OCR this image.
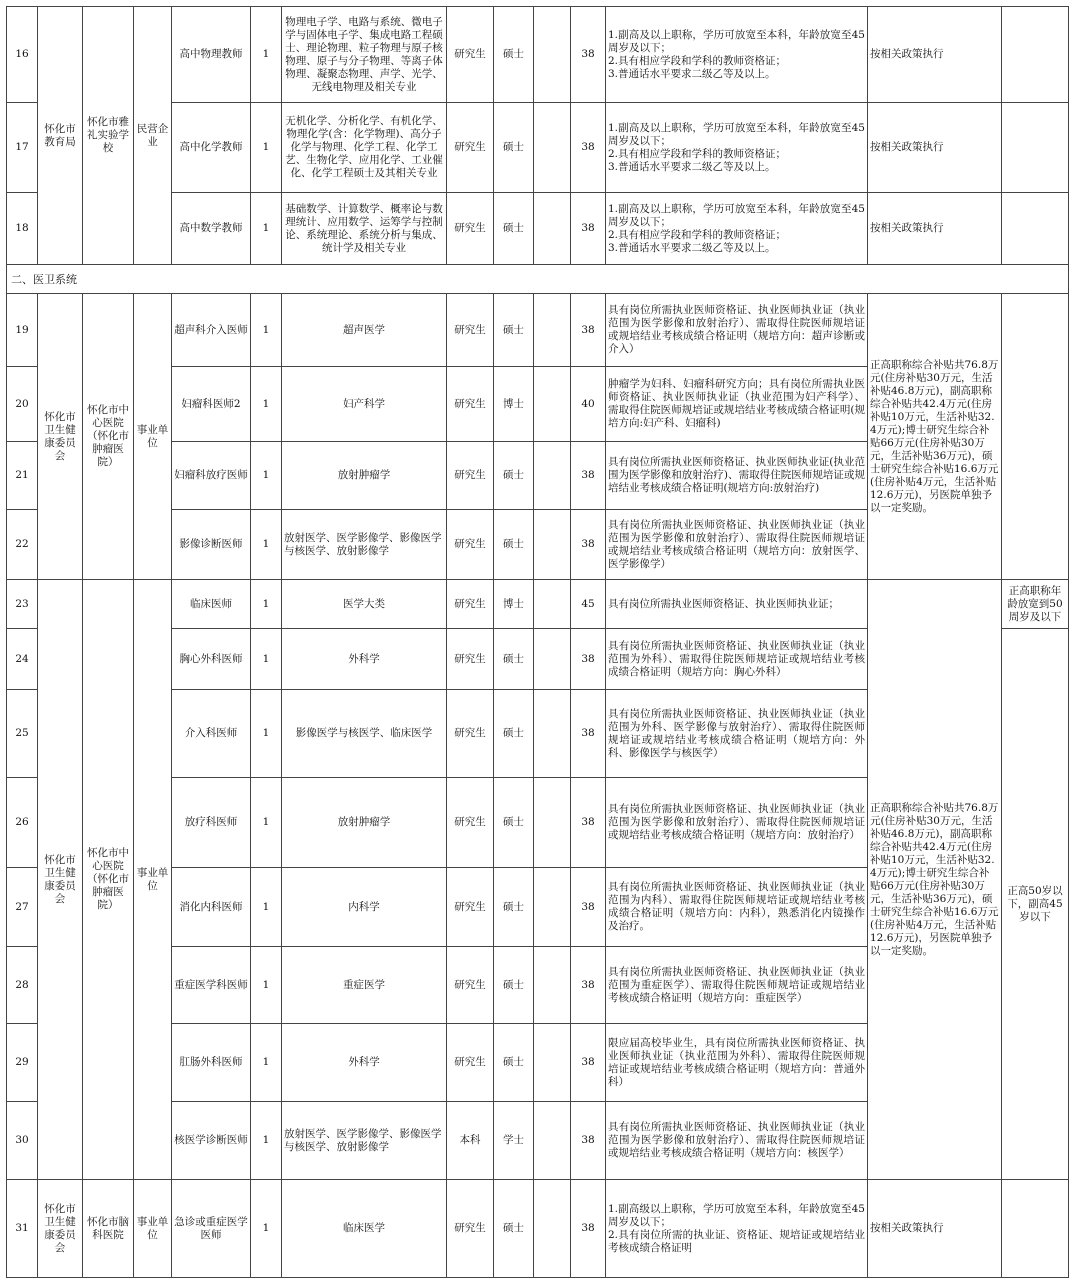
16	怀化市教育局	怀化市雅礼实验学校	民营企业	高中物理教师	1	物理电子学、电路与系统、微电子学与固体电子学、集成电路工程硕士、理论物理、粒子物理与原子核物理、原子与分子物理、等离子体物理、凝聚态物理、声学、光学、无线电物理及相关专业	研究生	硕士		38	1.副高及以上职称，学历可放宽至本科，年龄放宽至45周岁及以下；
2.具有相应学段和学科的教师资格证；
3.普通话水平要求二级乙等及以上。	按相关政策执行	
17				高中化学教师	1	无机化学、分析化学、有机化学、物理化学(含：化学物理)、高分子化学与物理、化学工程、化学工艺、生物化学、应用化学、工业催化、化学工程硕士及其相关专业	研究生	硕士		38	1.副高及以上职称，学历可放宽至本科，年龄放宽至45周岁及以下；
2.具有相应学段和学科的教师资格证；
3.普通话水平要求二级乙等及以上。	按相关政策执行	
18				高中数学教师	1	基础数学、计算数学、概率论与数理统计、应用数学、运筹学与控制论、系统理论、系统分析与集成、统计学及相关专业	研究生	硕士		38	1.副高及以上职称，学历可放宽至本科，年龄放宽至45周岁及以下；
2.具有相应学段和学科的教师资格证；
3.普通话水平要求二级乙等及以上。	按相关政策执行	
二、医卫系统													
19	怀化市卫生健康委员会	怀化市中心医院（怀化市肿瘤医院）	事业单位	超声科介入医师	1	超声医学	研究生	硕士		38	具有岗位所需执业医师资格证、执业医师执业证（执业范围为医学影像和放射治疗）、需取得住院医师规培证或规培结业考核成绩合格证明（规培方向：超声诊断或介入）	正高职称综合补贴共76.8万元(住房补贴30万元，生活补贴46.8万元)，副高职称综合补贴共42.4万元(住房补贴10万元，生活补贴32.4万元);博士研究生综合补贴66万元(住房补贴30万元，生活补贴36万元)，硕士研究生综合补贴16.6万元(住房补贴4万元，生活补贴12.6万元)，另医院单独予以一定奖励。	
20				妇瘤科医师2	1	妇产科学	研究生	博士		40	肿瘤学为妇科、妇瘤科研究方向；具有岗位所需执业医师资格证、执业医师执业证（执业范围为妇产科学）、需取得住院医师规培证或规培结业考核成绩合格证明(规培方向:妇产科、妇瘤科)		
21				妇瘤科放疗医师	1	放射肿瘤学	研究生	硕士		38	具有岗位所需执业医师资格证、执业医师执业证(执业范围为医学影像和放射治疗)、需取得住院医师规培证或规培结业考核成绩合格证明(规培方向:放射治疗)		
22				影像诊断医师	1	放射医学、医学影像学、影像医学与核医学、放射影像学	研究生	硕士		38	具有岗位所需执业医师资格证、执业医师执业证（执业范围为医学影像和放射治疗）、需取得住院医师规培证或规培结业考核成绩合格证明（规培方向：放射医学、医学影像学）		
23	怀化市卫生健康委员会	怀化市中心医院（怀化市肿瘤医院）	事业单位	临床医师	1	医学大类	研究生	博士		45	具有岗位所需执业医师资格证、执业医师执业证；	正高职称综合补贴共76.8万元(住房补贴30万元，生活补贴46.8万元)，副高职称综合补贴共42.4万元(住房补贴10万元，生活补贴32.4万元);博士研究生综合补贴66万元(住房补贴30万元，生活补贴36万元)，硕士研究生综合补贴16.6万元(住房补贴4万元，生活补贴12.6万元)，另医院单独予以一定奖励。	正高职称年龄放宽到50周岁及以下
24				胸心外科医师	1	外科学	研究生	硕士		38	具有岗位所需执业医师资格证、执业医师执业证（执业范围为外科）、需取得住院医师规培证或规培结业考核成绩合格证明（规培方向：胸心外科）		正高50岁以下，副高45岁以下
25				介入科医师	1	影像医学与核医学、临床医学	研究生	硕士		38	具有岗位所需执业医师资格证、执业医师执业证（执业范围为外科、医学影像与放射治疗）、需取得住院医师规培证或规培结业考核成绩合格证明（规培方向：外科、影像医学与核医学）		
26				放疗科医师	1	放射肿瘤学	研究生	硕士		38	具有岗位所需执业医师资格证、执业医师执业证（执业范围为医学影像和放射治疗）、需取得住院医师规培证或规培结业考核成绩合格证明（规培方向：放射治疗）		
27				消化内科医师	1	内科学	研究生	硕士		38	具有岗位所需执业医师资格证、执业医师执业证（执业范围为内科）、需取得住院医师规培证或规培结业考核成绩合格证明（规培方向：内科），熟悉消化内镜操作及治疗。		
28				重症医学科医师	1	重症医学	研究生	硕士		38	具有岗位所需执业医师资格证、执业医师执业证（执业范围为重症医学）、需取得住院医师规培证或规培结业考核成绩合格证明（规培方向：重症医学）		
29				肛肠外科医师	1	外科学	研究生	硕士		38	限应届高校毕业生，具有岗位所需执业医师资格证、执业医师执业证（执业范围为外科）、需取得住院医师规培证或规培结业考核成绩合格证明（规培方向：普通外科）		
30				核医学诊断医师	1	放射医学、医学影像学、影像医学与核医学、放射影像学	本科	学士		38	具有岗位所需执业医师资格证、执业医师执业证（执业范围为医学影像和放射治疗）、需取得住院医师规培证或规培结业考核成绩合格证明（规培方向：核医学）		
31	怀化市卫生健康委员会	怀化市脑科医院	事业单位	急诊或重症医学医师	1	临床医学	研究生	硕士		38	1.副高级以上职称，学历可放宽至本科，年龄放宽至45周岁及以下；
2.具有岗位所需的执业证、资格证、规培证或规培结业考核成绩合格证明	按相关政策执行	
